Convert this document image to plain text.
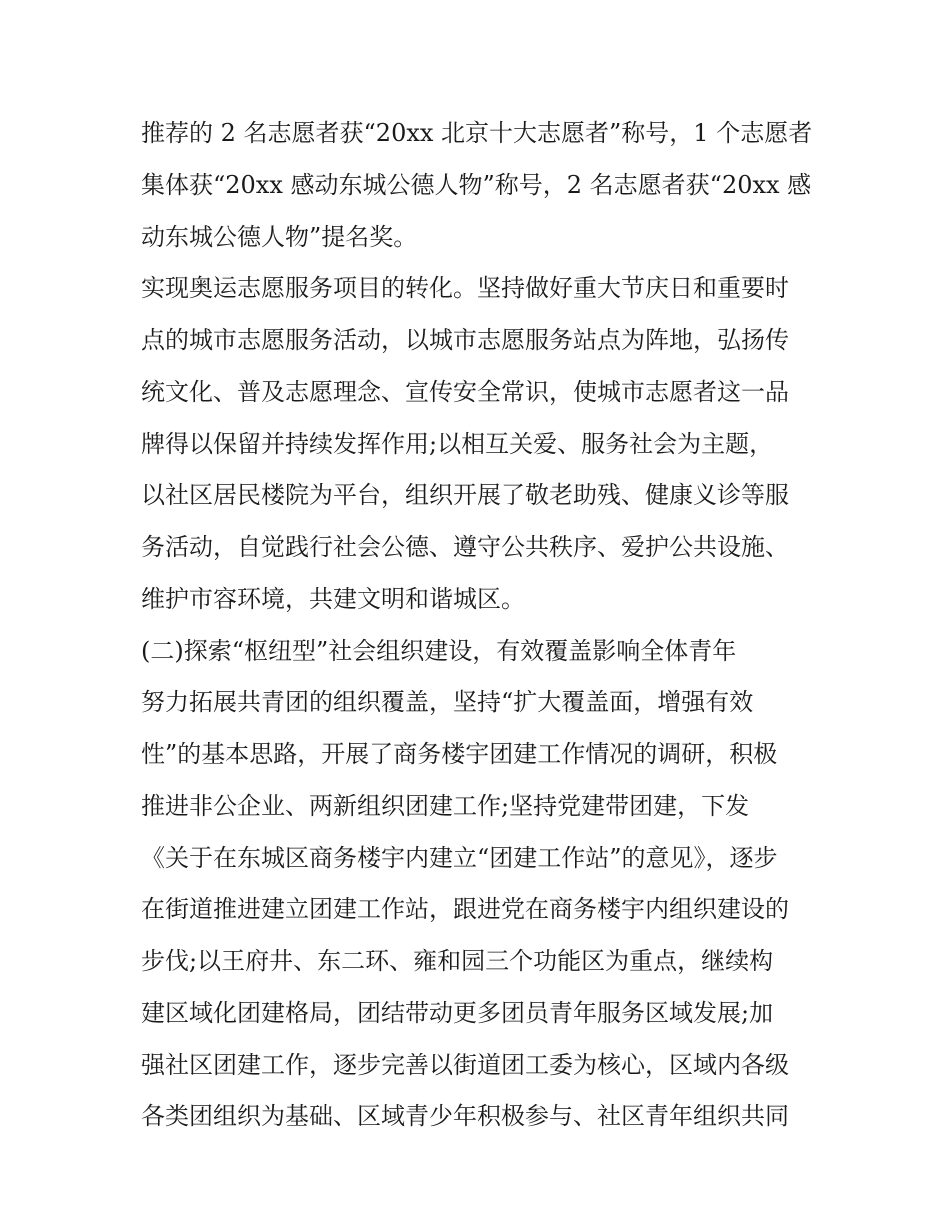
推荐的 2 名志愿者获“20xx 北京十大志愿者”称号，1 个志愿者
集体获“20xx 感动东城公德人物”称号，2 名志愿者获“20xx 感
动东城公德人物”提名奖。
实现奥运志愿服务项目的转化。坚持做好重大节庆日和重要时
点的城市志愿服务活动，以城市志愿服务站点为阵地，弘扬传
统文化、普及志愿理念、宣传安全常识，使城市志愿者这一品
牌得以保留并持续发挥作用;以相互关爱、服务社会为主题，
以社区居民楼院为平台，组织开展了敬老助残、健康义诊等服
务活动，自觉践行社会公德、遵守公共秩序、爱护公共设施、
维护市容环境，共建文明和谐城区。
(二)探索“枢纽型”社会组织建设，有效覆盖影响全体青年
努力拓展共青团的组织覆盖，坚持“扩大覆盖面，增强有效
性”的基本思路，开展了商务楼宇团建工作情况的调研，积极
推进非公企业、两新组织团建工作;坚持党建带团建，下发
《关于在东城区商务楼宇内建立“团建工作站”的意见》，逐步
在街道推进建立团建工作站，跟进党在商务楼宇内组织建设的
步伐;以王府井、东二环、雍和园三个功能区为重点，继续构
建区域化团建格局，团结带动更多团员青年服务区域发展;加
强社区团建工作，逐步完善以街道团工委为核心，区域内各级
各类团组织为基础、区域青少年积极参与、社区青年组织共同
